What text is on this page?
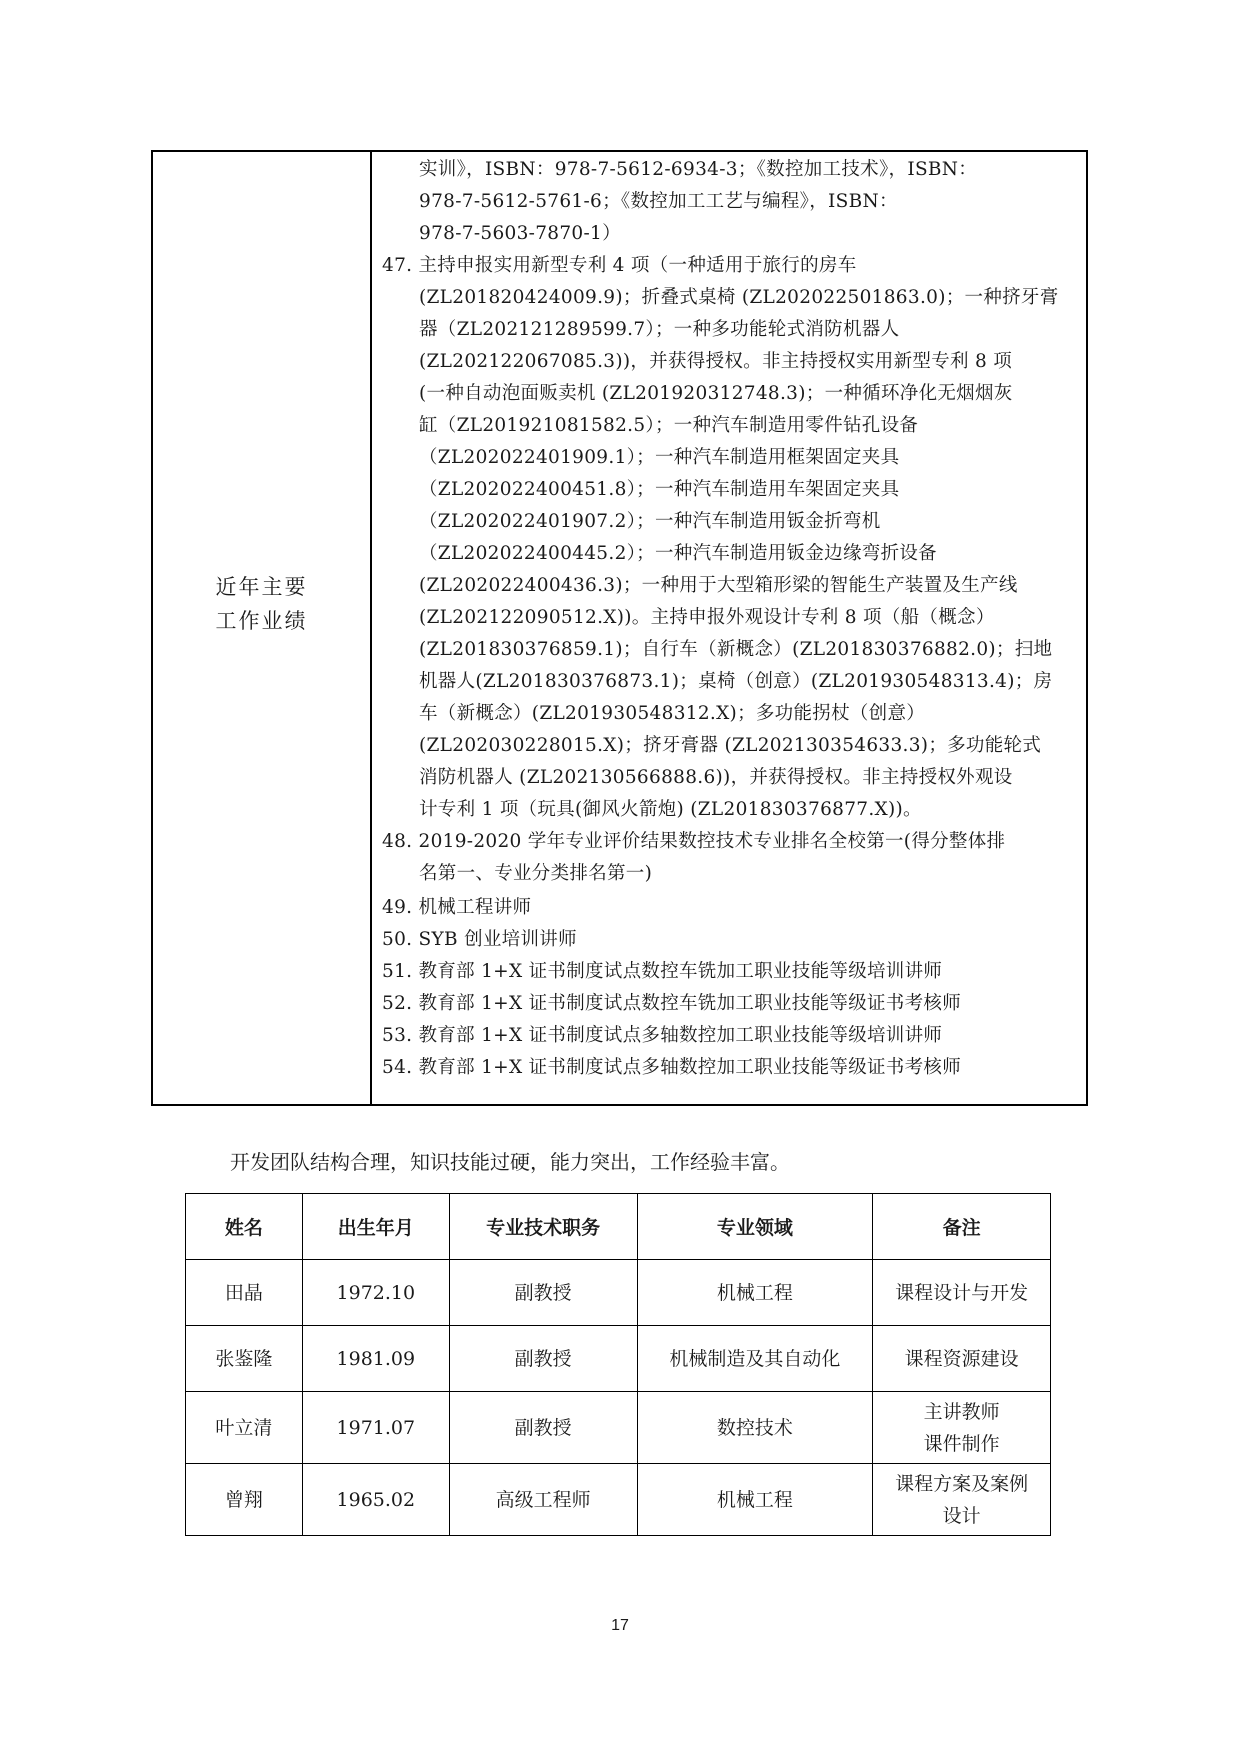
近年主要
工作业绩
实训》，ISBN：978-7-5612-6934-3；《数控加工技术》，ISBN：
978-7-5612-5761-6；《数控加工工艺与编程》，ISBN：
978-7-5603-7870-1）
47. 主持申报实用新型专利 4 项（一种适用于旅行的房车
(ZL201820424009.9)；折叠式桌椅 (ZL202022501863.0)；一种挤牙膏
器（ZL202121289599.7）；一种多功能轮式消防机器人
(ZL202122067085.3))，并获得授权。非主持授权实用新型专利 8 项
(一种自动泡面贩卖机 (ZL201920312748.3)；一种循环净化无烟烟灰
缸（ZL201921081582.5）；一种汽车制造用零件钻孔设备
（ZL202022401909.1）；一种汽车制造用框架固定夹具
（ZL202022400451.8）；一种汽车制造用车架固定夹具
（ZL202022401907.2）；一种汽车制造用钣金折弯机
（ZL202022400445.2）；一种汽车制造用钣金边缘弯折设备
(ZL202022400436.3)；一种用于大型箱形梁的智能生产装置及生产线
(ZL202122090512.X))。主持申报外观设计专利 8 项（船（概念）
(ZL201830376859.1)；自行车（新概念）(ZL201830376882.0)；扫地
机器人(ZL201830376873.1)；桌椅（创意）(ZL201930548313.4)；房
车（新概念）(ZL201930548312.X)；多功能拐杖（创意）
(ZL202030228015.X)；挤牙膏器 (ZL202130354633.3)；多功能轮式
消防机器人 (ZL202130566888.6))，并获得授权。非主持授权外观设
计专利 1 项（玩具(御风火箭炮) (ZL201830376877.X))。
48. 2019-2020 学年专业评价结果数控技术专业排名全校第一(得分整体排
名第一、专业分类排名第一)
49. 机械工程讲师
50. SYB 创业培训讲师
51. 教育部 1+X 证书制度试点数控车铣加工职业技能等级培训讲师
52. 教育部 1+X 证书制度试点数控车铣加工职业技能等级证书考核师
53. 教育部 1+X 证书制度试点多轴数控加工职业技能等级培训讲师
54. 教育部 1+X 证书制度试点多轴数控加工职业技能等级证书考核师
开发团队结构合理，知识技能过硬，能力突出，工作经验丰富。
姓名	出生年月	专业技术职务	专业领域	备注
田晶	1972.10	副教授	机械工程	课程设计与开发

张鉴隆	1981.09	副教授	机械制造及其自动化	课程资源建设

叶立清	1971.07	副教授	数控技术	主讲教师
课件制作

曾翔	1965.02	高级工程师	机械工程	课程方案及案例
设计
17
